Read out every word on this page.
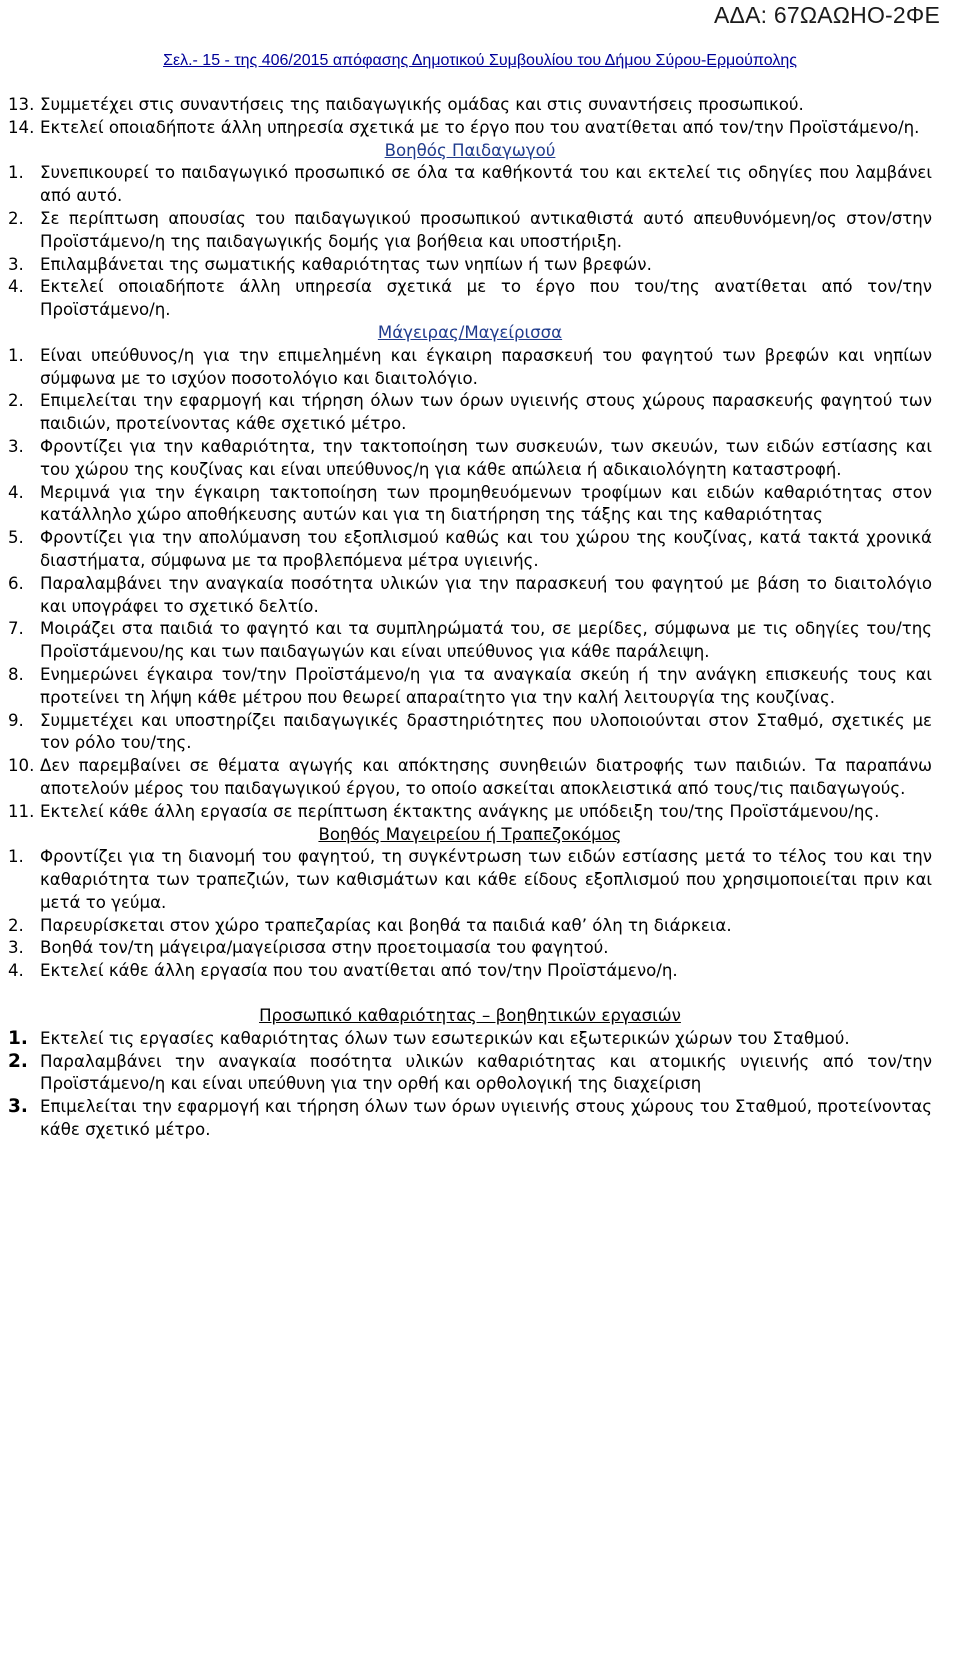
ΑΔΑ: 67ΩΑΩΗΟ-2ΦΕ
Σελ.- 15 - της 406/2015 απόφασης Δημοτικού Συμβουλίου του Δήμου Σύρου-Ερμούπολης
13. Συμμετέχει στις συναντήσεις της παιδαγωγικής ομάδας και στις συναντήσεις προσωπικού.
14. Εκτελεί οποιαδήποτε άλλη υπηρεσία σχετικά με το έργο που του ανατίθεται από τον/την Προϊστάμενο/η.
Βοηθός Παιδαγωγού
1. Συνεπικουρεί το παιδαγωγικό προσωπικό σε όλα τα καθήκοντά του και εκτελεί τις οδηγίες που λαμβάνει από αυτό.
2. Σε περίπτωση απουσίας του παιδαγωγικού προσωπικού αντικαθιστά αυτό απευθυνόμενη/ος στον/στην Προϊστάμενο/η της παιδαγωγικής δομής για βοήθεια και υποστήριξη.
3. Επιλαμβάνεται της σωματικής καθαριότητας των νηπίων ή των βρεφών.
4. Εκτελεί οποιαδήποτε άλλη υπηρεσία σχετικά με το έργο που του/της ανατίθεται από τον/την Προϊστάμενο/η.
Μάγειρας/Μαγείρισσα
1. Είναι υπεύθυνος/η για την επιμελημένη και έγκαιρη παρασκευή του φαγητού των βρεφών και νηπίων σύμφωνα με το ισχύον ποσοτολόγιο και διαιτολόγιο.
2. Επιμελείται την εφαρμογή και τήρηση όλων των όρων υγιεινής στους χώρους παρασκευής φαγητού των παιδιών, προτείνοντας κάθε σχετικό μέτρο.
3. Φροντίζει για την καθαριότητα, την τακτοποίηση των συσκευών, των σκευών, των ειδών εστίασης και του χώρου της κουζίνας και είναι υπεύθυνος/η για κάθε απώλεια ή αδικαιολόγητη καταστροφή.
4. Μεριμνά για την έγκαιρη τακτοποίηση των προμηθευόμενων τροφίμων και ειδών καθαριότητας στον κατάλληλο χώρο αποθήκευσης αυτών και για τη διατήρηση της τάξης και της καθαριότητας
5. Φροντίζει για την απολύμανση του εξοπλισμού καθώς και του χώρου της κουζίνας, κατά τακτά χρονικά διαστήματα, σύμφωνα με τα προβλεπόμενα μέτρα υγιεινής.
6. Παραλαμβάνει την αναγκαία ποσότητα υλικών για την παρασκευή του φαγητού με βάση το διαιτολόγιο και υπογράφει το σχετικό δελτίο.
7. Μοιράζει στα παιδιά το φαγητό και τα συμπληρώματά του, σε μερίδες, σύμφωνα με τις οδηγίες του/της Προϊστάμενου/ης και των παιδαγωγών και είναι υπεύθυνος για κάθε παράλειψη.
8. Ενημερώνει έγκαιρα τον/την Προϊστάμενο/η για τα αναγκαία σκεύη ή την ανάγκη επισκευής τους και προτείνει τη λήψη κάθε μέτρου που θεωρεί απαραίτητο για την καλή λειτουργία της κουζίνας.
9. Συμμετέχει και υποστηρίζει παιδαγωγικές δραστηριότητες που υλοποιούνται στον Σταθμό, σχετικές με τον ρόλο του/της.
10. Δεν παρεμβαίνει σε θέματα αγωγής και απόκτησης συνηθειών διατροφής των παιδιών. Τα παραπάνω αποτελούν μέρος του παιδαγωγικού έργου, το οποίο ασκείται αποκλειστικά από τους/τις παιδαγωγούς.
11. Εκτελεί κάθε άλλη εργασία σε περίπτωση έκτακτης ανάγκης με υπόδειξη του/της Προϊστάμενου/ης.
Βοηθός Μαγειρείου ή Τραπεζοκόμος
1. Φροντίζει για τη διανομή του φαγητού, τη συγκέντρωση των ειδών εστίασης μετά το τέλος του και την καθαριότητα των τραπεζιών, των καθισμάτων και κάθε είδους εξοπλισμού που χρησιμοποιείται πριν και μετά το γεύμα.
2. Παρευρίσκεται στον χώρο τραπεζαρίας και βοηθά τα παιδιά καθ’ όλη τη διάρκεια.
3. Βοηθά τον/τη μάγειρα/μαγείρισσα στην προετοιμασία του φαγητού.
4. Εκτελεί κάθε άλλη εργασία που του ανατίθεται από τον/την Προϊστάμενο/η.
Προσωπικό καθαριότητας – βοηθητικών εργασιών
1. Εκτελεί τις εργασίες καθαριότητας όλων των εσωτερικών και εξωτερικών χώρων του Σταθμού.
2. Παραλαμβάνει την αναγκαία ποσότητα υλικών καθαριότητας και ατομικής υγιεινής από τον/την Προϊστάμενο/η και είναι υπεύθυνη για την ορθή και ορθολογική της διαχείριση
3. Επιμελείται την εφαρμογή και τήρηση όλων των όρων υγιεινής στους χώρους του Σταθμού, προτείνοντας κάθε σχετικό μέτρο.
